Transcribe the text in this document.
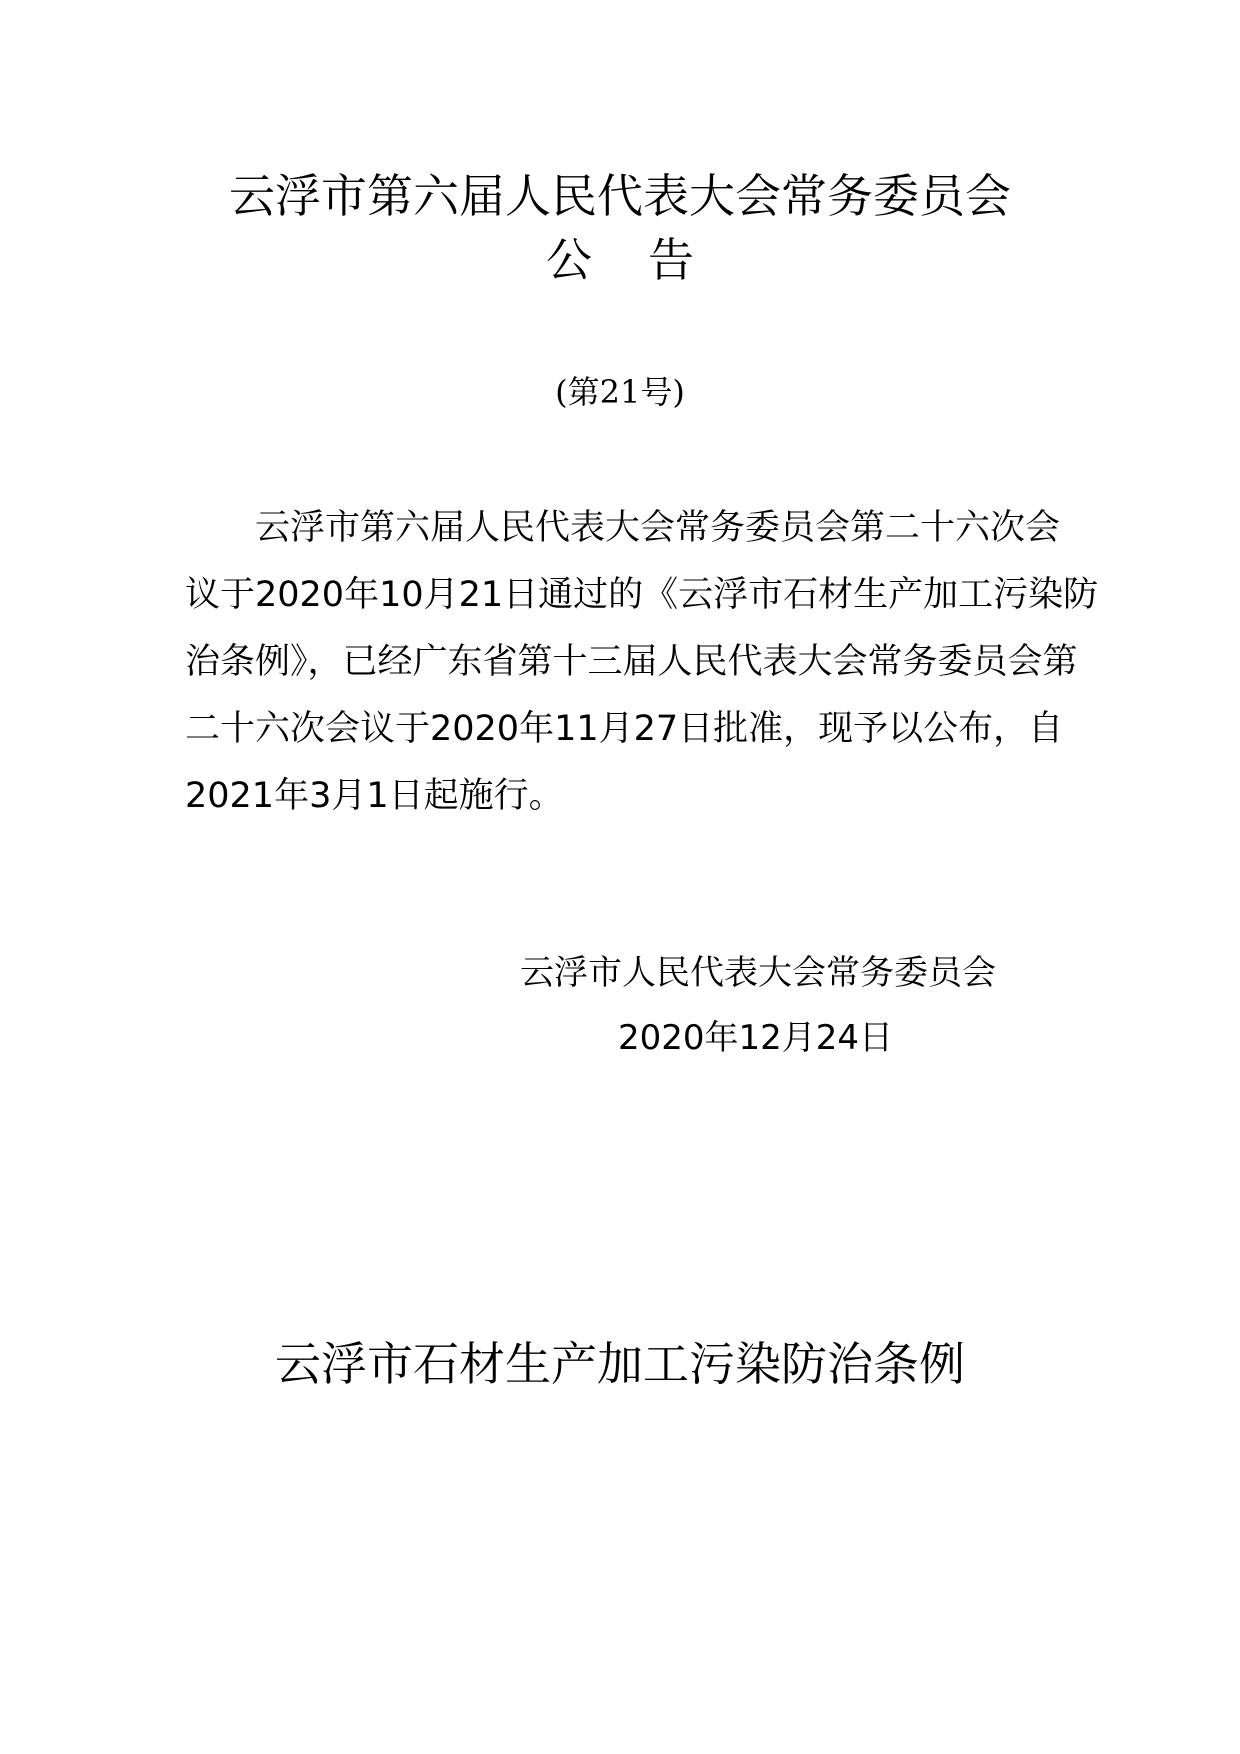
云浮市第六届人民代表大会常务委员会
公 告
(第21号)
云浮市第六届人民代表大会常务委员会第二十六次会
议于2020年10月21日通过的《云浮市石材生产加工污染防
治条例》，已经广东省第十三届人民代表大会常务委员会第
二十六次会议于2020年11月27日批准，现予以公布，自
2021年3月1日起施行。
云浮市人民代表大会常务委员会
2020年12月24日
云浮市石材生产加工污染防治条例
